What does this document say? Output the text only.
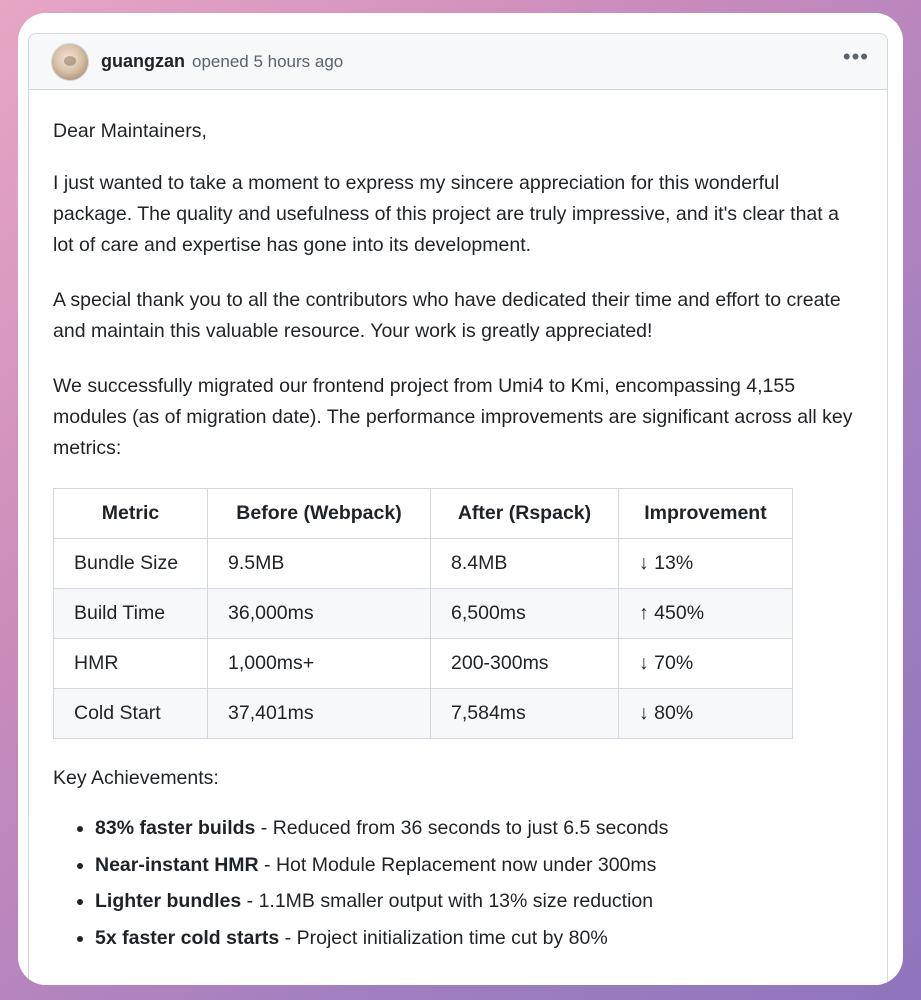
guangzan opened 5 hours ago	•••

Dear Maintainers,

I just wanted to take a moment to express my sincere appreciation for this wonderful package. The quality and usefulness of this project are truly impressive, and it's clear that a lot of care and expertise has gone into its development.

A special thank you to all the contributors who have dedicated their time and effort to create and maintain this valuable resource. Your work is greatly appreciated!

We successfully migrated our frontend project from Umi4 to Kmi, encompassing 4,155 modules (as of migration date). The performance improvements are significant across all key metrics:

Metric	Before (Webpack)	After (Rspack)	Improvement
Bundle Size	9.5MB	8.4MB	↓ 13%
Build Time	36,000ms	6,500ms	↑ 450%
HMR	1,000ms+	200-300ms	↓ 70%
Cold Start	37,401ms	7,584ms	↓ 80%

Key Achievements:

• 83% faster builds - Reduced from 36 seconds to just 6.5 seconds
• Near-instant HMR - Hot Module Replacement now under 300ms
• Lighter bundles - 1.1MB smaller output with 13% size reduction
• 5x faster cold starts - Project initialization time cut by 80%
